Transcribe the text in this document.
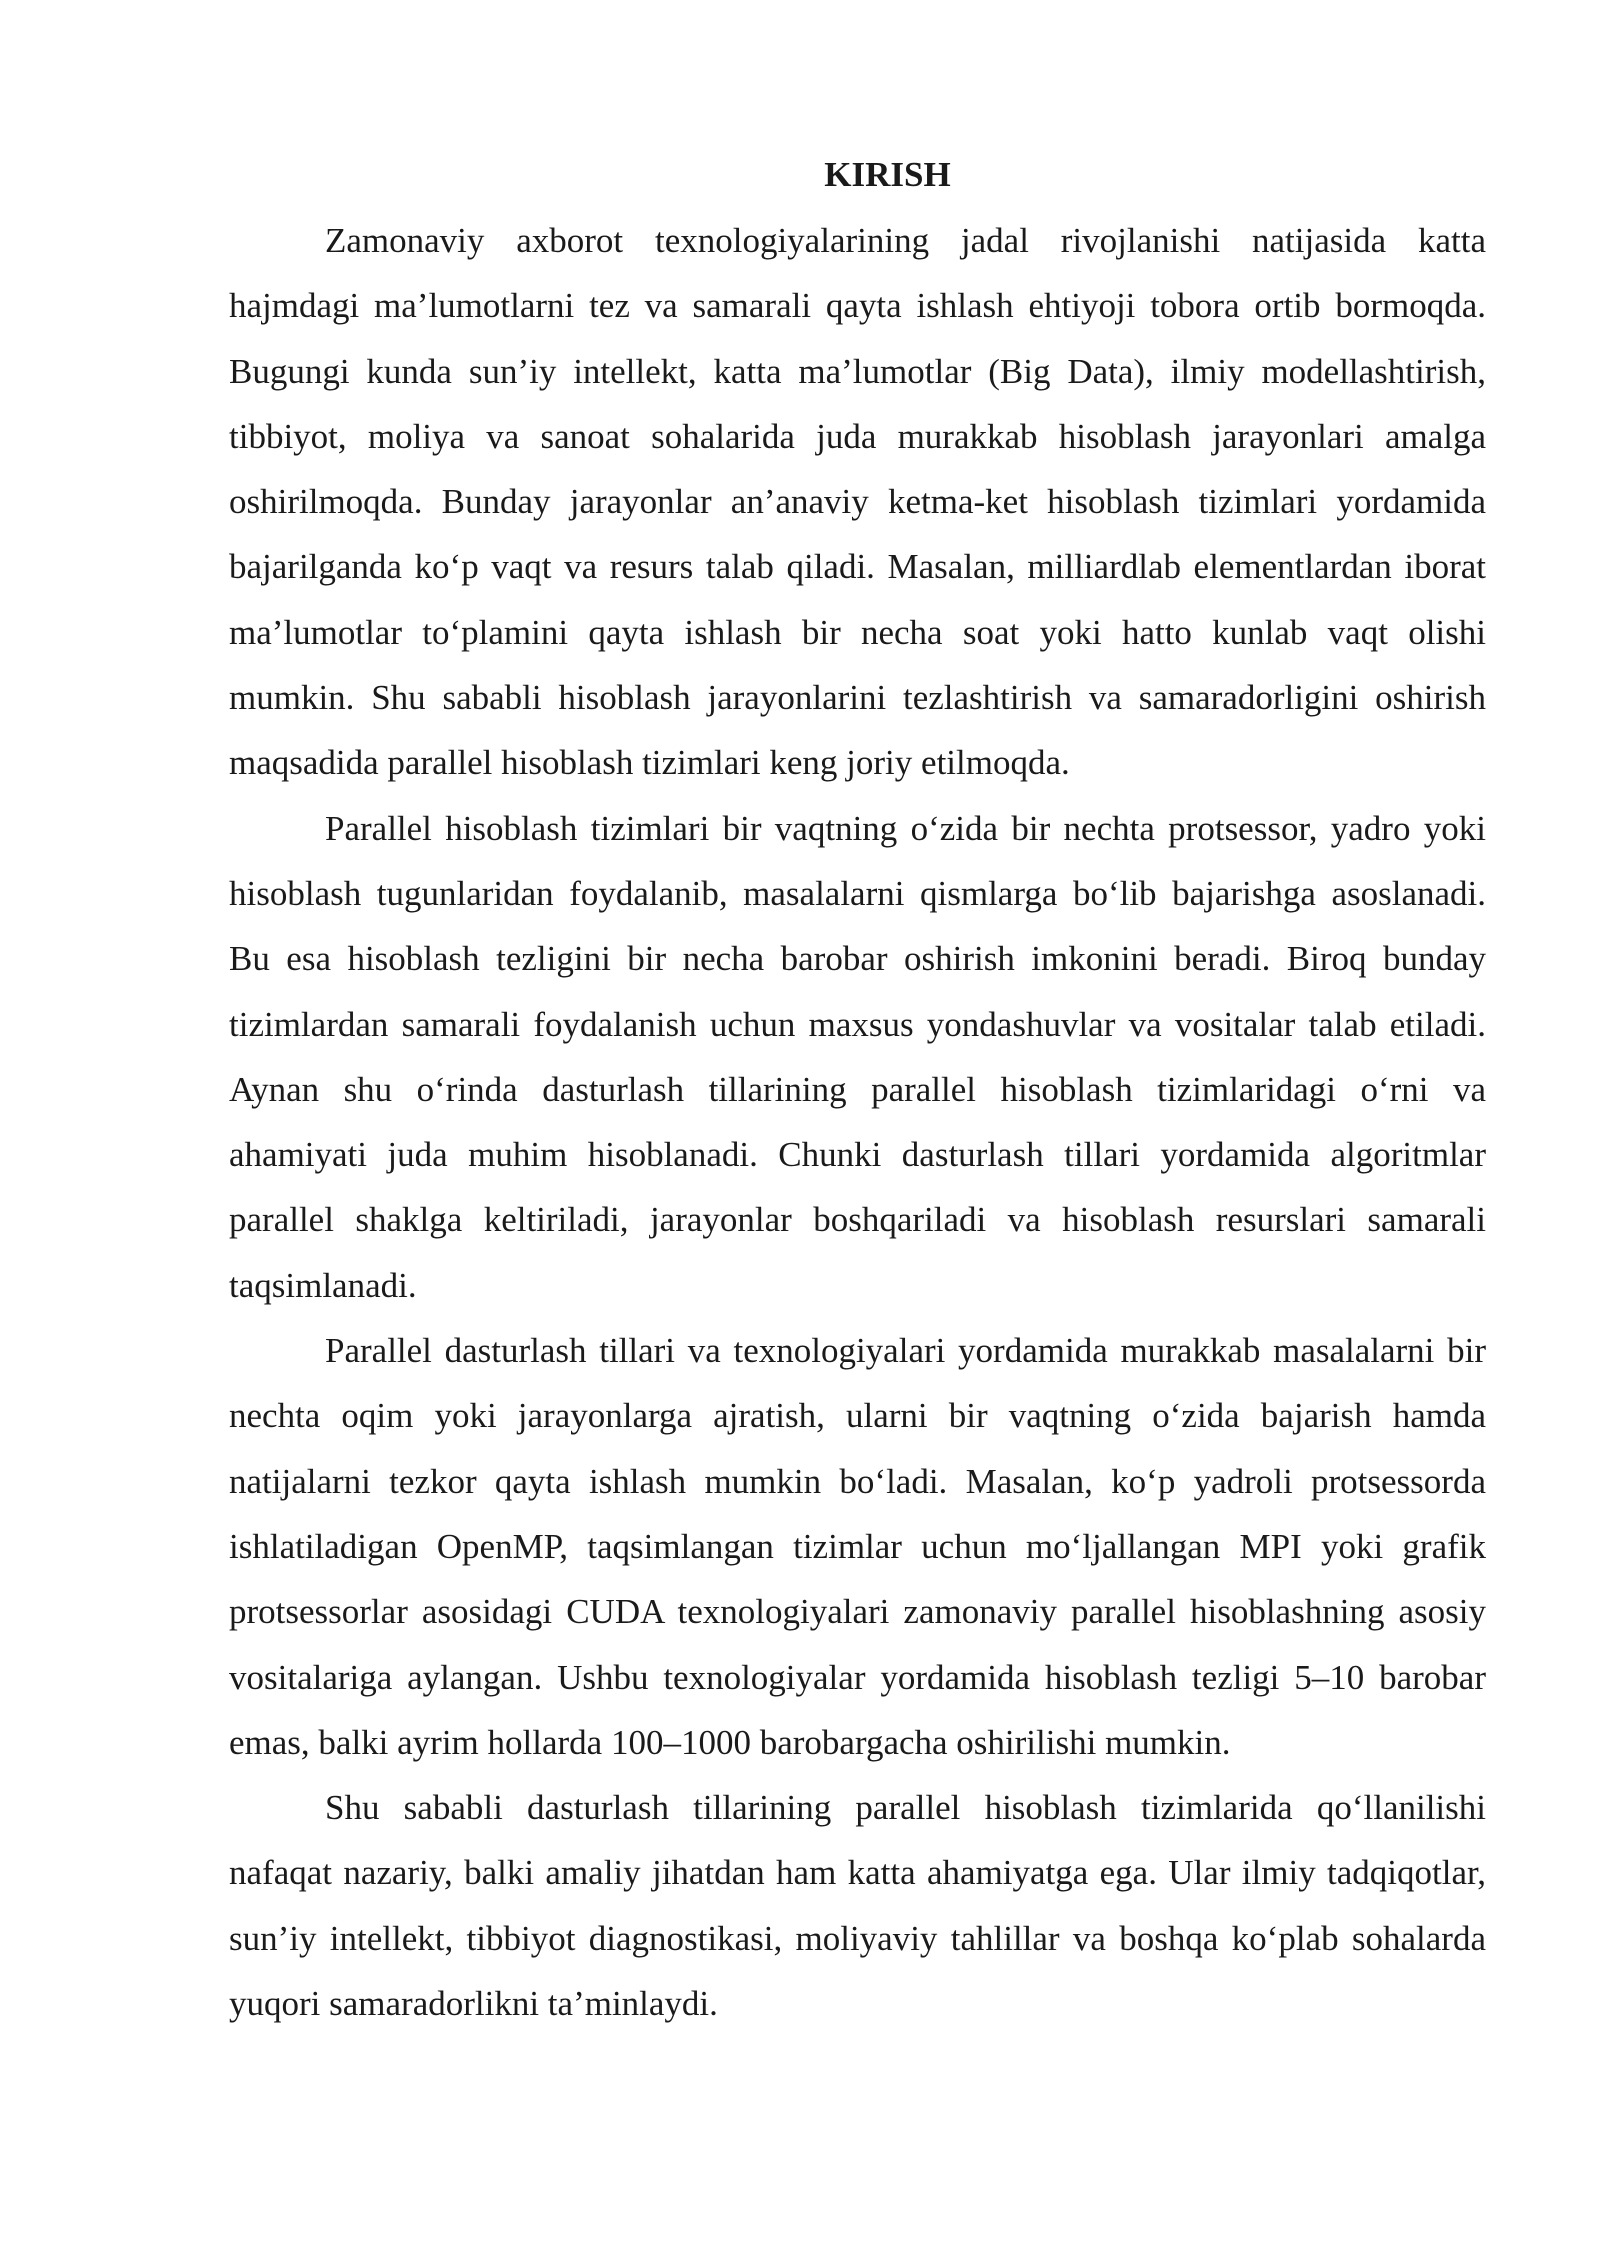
KIRISH

Zamonaviy axborot texnologiyalarining jadal rivojlanishi natijasida katta hajmdagi ma’lumotlarni tez va samarali qayta ishlash ehtiyoji tobora ortib bormoqda. Bugungi kunda sun’iy intellekt, katta ma’lumotlar (Big Data), ilmiy modellashtirish, tibbiyot, moliya va sanoat sohalarida juda murakkab hisoblash jarayonlari amalga oshirilmoqda. Bunday jarayonlar an’anaviy ketma-ket hisoblash tizimlari yordamida bajarilganda ko‘p vaqt va resurs talab qiladi. Masalan, milliardlab elementlardan iborat ma’lumotlar to‘plamini qayta ishlash bir necha soat yoki hatto kunlab vaqt olishi mumkin. Shu sababli hisoblash jarayonlarini tezlashtirish va samaradorligini oshirish maqsadida parallel hisoblash tizimlari keng joriy etilmoqda.

Parallel hisoblash tizimlari bir vaqtning o‘zida bir nechta protsessor, yadro yoki hisoblash tugunlaridan foydalanib, masalalarni qismlarga bo‘lib bajarishga asoslanadi. Bu esa hisoblash tezligini bir necha barobar oshirish imkonini beradi. Biroq bunday tizimlardan samarali foydalanish uchun maxsus yondashuvlar va vositalar talab etiladi. Aynan shu o‘rinda dasturlash tillarining parallel hisoblash tizimlaridagi o‘rni va ahamiyati juda muhim hisoblanadi. Chunki dasturlash tillari yordamida algoritmlar parallel shaklga keltiriladi, jarayonlar boshqariladi va hisoblash resurslari samarali taqsimlanadi.

Parallel dasturlash tillari va texnologiyalari yordamida murakkab masalalarni bir nechta oqim yoki jarayonlarga ajratish, ularni bir vaqtning o‘zida bajarish hamda natijalarni tezkor qayta ishlash mumkin bo‘ladi. Masalan, ko‘p yadroli protsessorda ishlatiladigan OpenMP, taqsimlangan tizimlar uchun mo‘ljallangan MPI yoki grafik protsessorlar asosidagi CUDA texnologiyalari zamonaviy parallel hisoblashning asosiy vositalariga aylangan. Ushbu texnologiyalar yordamida hisoblash tezligi 5–10 barobar emas, balki ayrim hollarda 100–1000 barobargacha oshirilishi mumkin.

Shu sababli dasturlash tillarining parallel hisoblash tizimlarida qo‘llanilishi nafaqat nazariy, balki amaliy jihatdan ham katta ahamiyatga ega. Ular ilmiy tadqiqotlar, sun’iy intellekt, tibbiyot diagnostikasi, moliyaviy tahlillar va boshqa ko‘plab sohalarda yuqori samaradorlikni ta’minlaydi.
